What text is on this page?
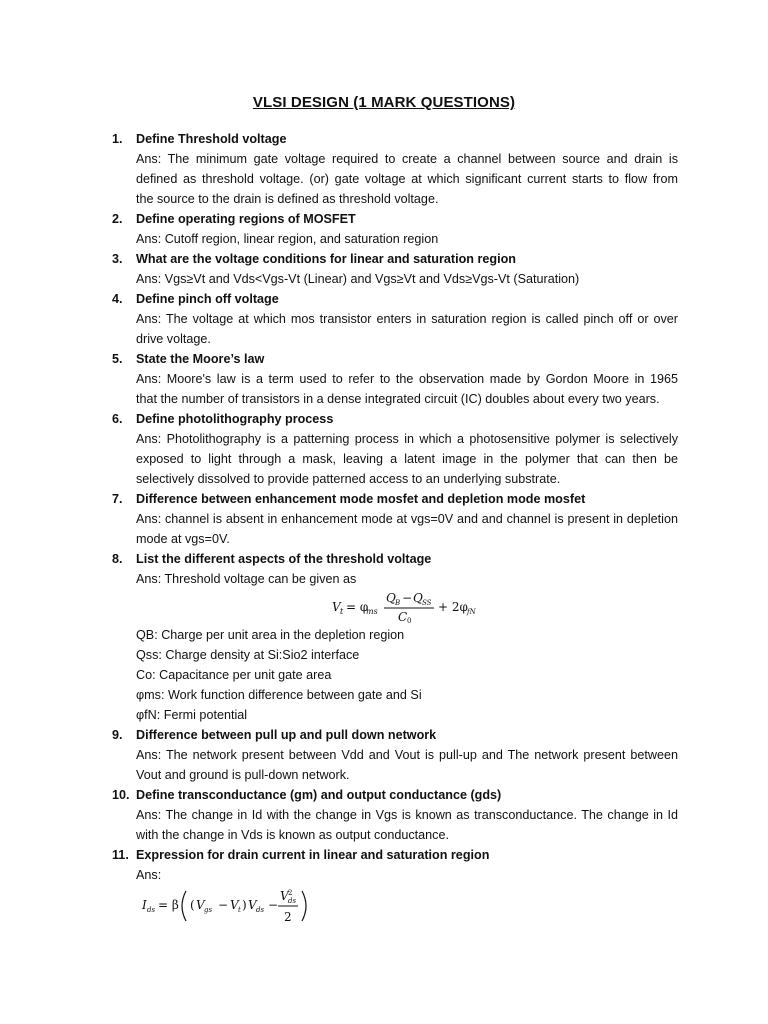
VLSI DESIGN (1 MARK QUESTIONS)
1.	Define Threshold voltage
Ans: The minimum gate voltage required to create a channel between source and drain is
defined as threshold voltage. (or) gate voltage at which significant current starts to flow from
the source to the drain is defined as threshold voltage.
2.	Define operating regions of MOSFET
Ans: Cutoff region, linear region, and saturation region
3.	What are the voltage conditions for linear and saturation region
Ans: Vgs≥Vt and Vds<Vgs-Vt (Linear) and Vgs≥Vt and Vds≥Vgs-Vt (Saturation)
4.	Define pinch off voltage
Ans: The voltage at which mos transistor enters in saturation region is called pinch off or over
drive voltage.
5.	State the Moore’s law
Ans: Moore's law is a term used to refer to the observation made by Gordon Moore in 1965
that the number of transistors in a dense integrated circuit (IC) doubles about every two years.
6.	Define photolithography process
Ans: Photolithography is a patterning process in which a photosensitive polymer is selectively
exposed to light through a mask, leaving a latent image in the polymer that can then be
selectively dissolved to provide patterned access to an underlying substrate.
7.	Difference between enhancement mode mosfet and depletion mode mosfet
Ans: channel is absent in enhancement mode at vgs=0V and and channel is present in depletion
mode at vgs=0V.
8.	List the different aspects of the threshold voltage
Ans: Threshold voltage can be given as
V t = φ
ms
Q B − Q SS
C 0
+ 2φ fN
QB: Charge per unit area in the depletion region
Qss: Charge density at Si:Sio2 interface
Co: Capacitance per unit gate area
φms: Work function difference between gate and Si
φfN: Fermi potential
9.	Difference between pull up and pull down network
Ans: The network present between Vdd and Vout is pull-up and The network present between
Vout and ground is pull-down network.
10. Define transconductance (gm) and output conductance (gds)
Ans: The change in Id with the change in Vgs is known as transconductance. The change in Id
with the change in Vds is known as output conductance.
11. Expression for drain current in linear and saturation region
Ans:
I ds = β ( V gs − V t ) V ds −
V 2
ds
2
